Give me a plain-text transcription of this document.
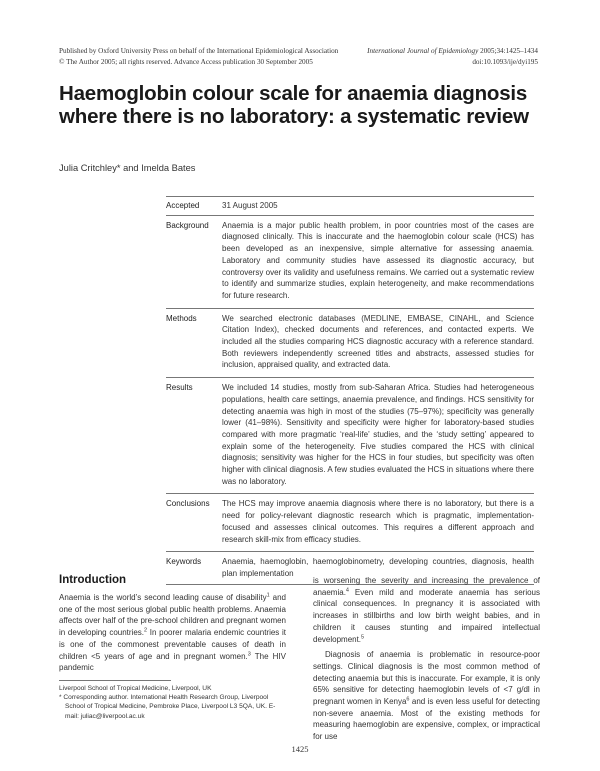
Published by Oxford University Press on behalf of the International Epidemiological Association
© The Author 2005; all rights reserved. Advance Access publication 30 September 2005
International Journal of Epidemiology 2005;34:1425–1434
doi:10.1093/ije/dyi195
Haemoglobin colour scale for anaemia diagnosis where there is no laboratory: a systematic review
Julia Critchley* and Imelda Bates
Accepted	31 August 2005

Background	Anaemia is a major public health problem, in poor countries most of the cases are diagnosed clinically. This is inaccurate and the haemoglobin colour scale (HCS) has been developed as an inexpensive, simple alternative for assessing anaemia. Laboratory and community studies have assessed its diagnostic accuracy, but controversy over its validity and usefulness remains. We carried out a systematic review to identify and summarize studies, explain heterogeneity, and make recommendations for future research.

Methods	We searched electronic databases (MEDLINE, EMBASE, CINAHL, and Science Citation Index), checked documents and references, and contacted experts. We included all the studies comparing HCS diagnostic accuracy with a reference standard. Both reviewers independently screened titles and abstracts, assessed studies for inclusion, appraised quality, and extracted data.

Results	We included 14 studies, mostly from sub-Saharan Africa. Studies had heterogeneous populations, health care settings, anaemia prevalence, and findings. HCS sensitivity for detecting anaemia was high in most of the studies (75–97%); specificity was generally lower (41–98%). Sensitivity and specificity were higher for laboratory-based studies compared with more pragmatic ‘real-life’ studies, and the ‘study setting’ appeared to explain some of the heterogeneity. Five studies compared the HCS with clinical diagnosis; sensitivity was higher for the HCS in four studies, but specificity was often higher with clinical diagnosis. A few studies evaluated the HCS in situations where there was no laboratory.

Conclusions	The HCS may improve anaemia diagnosis where there is no laboratory, but there is a need for policy-relevant diagnostic research which is pragmatic, implementation-focused and assesses clinical outcomes. This requires a different approach and research skill-mix from efficacy studies.

Keywords	Anaemia, haemoglobin, haemoglobinometry, developing countries, diagnosis, health plan implementation

Introduction

Anaemia is the world’s second leading cause of disability$^1$ and one of the most serious global public health problems. Anaemia affects over half of the pre-school children and pregnant women in developing countries.$^2$ In poorer malaria endemic countries it is one of the commonest preventable causes of death in children <5 years of age and in pregnant women.$^3$ The HIV pandemic

is worsening the severity and increasing the prevalence of anaemia.$^4$ Even mild and moderate anaemia has serious clinical consequences. In pregnancy it is associated with increases in stillbirths and low birth weight babies, and in children it causes stunting and impaired intellectual development.$^5$

Diagnosis of anaemia is problematic in resource-poor settings. Clinical diagnosis is the most common method of detecting anaemia but this is inaccurate. For example, it is only 65% sensitive for detecting haemoglobin levels of <7 g/dl in pregnant women in Kenya$^6$ and is even less useful for detecting non-severe anaemia. Most of the existing methods for measuring haemoglobin are expensive, complex, or impractical for use

Liverpool School of Tropical Medicine, Liverpool, UK

* Corresponding author. International Health Research Group, Liverpool School of Tropical Medicine, Pembroke Place, Liverpool L3 5QA, UK. E-mail: juliac@liverpool.ac.uk

1425
